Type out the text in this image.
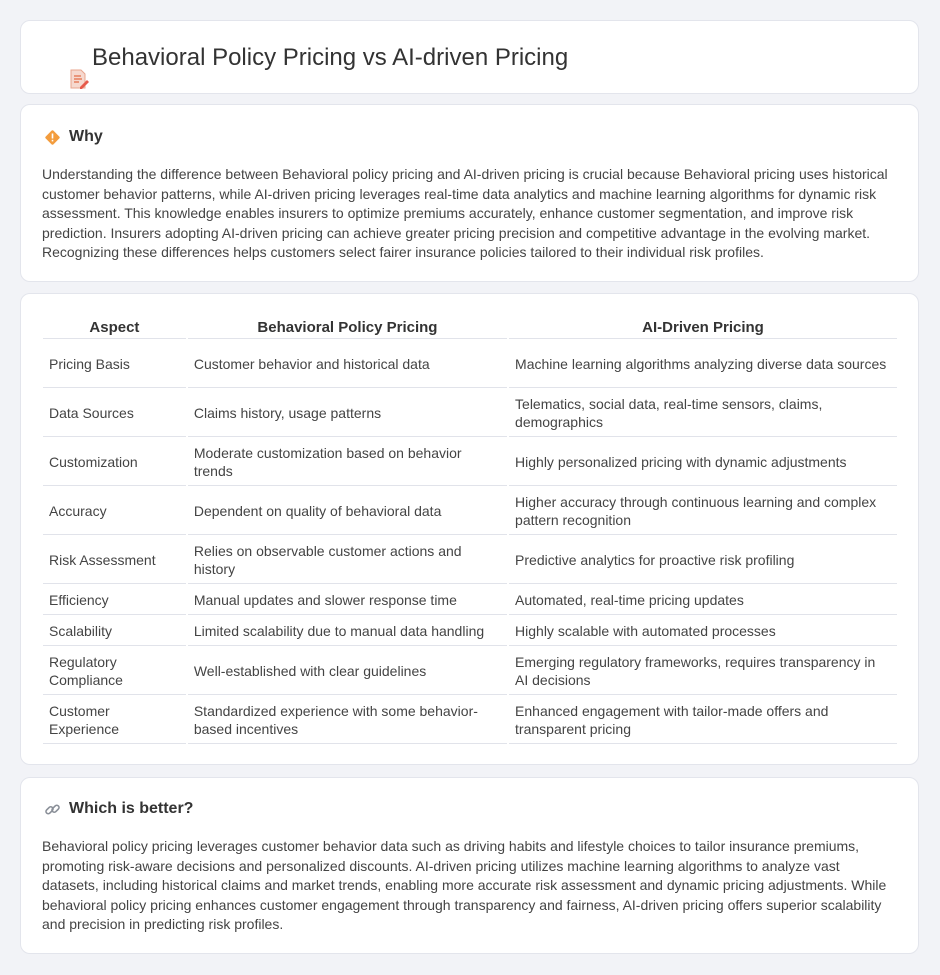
Behavioral Policy Pricing vs AI-driven Pricing
Why

Understanding the difference between Behavioral policy pricing and AI-driven pricing is crucial because Behavioral pricing uses historical customer behavior patterns, while AI-driven pricing leverages real-time data analytics and machine learning algorithms for dynamic risk assessment. This knowledge enables insurers to optimize premiums accurately, enhance customer segmentation, and improve risk prediction. Insurers adopting AI-driven pricing can achieve greater pricing precision and competitive advantage in the evolving market. Recognizing these differences helps customers select fairer insurance policies tailored to their individual risk profiles.

Aspect	Behavioral Policy Pricing	AI-Driven Pricing
Pricing Basis	Customer behavior and historical data	Machine learning algorithms analyzing diverse data sources
Data Sources	Claims history, usage patterns	Telematics, social data, real-time sensors, claims, demographics
Customization	Moderate customization based on behavior trends	Highly personalized pricing with dynamic adjustments
Accuracy	Dependent on quality of behavioral data	Higher accuracy through continuous learning and complex pattern recognition
Risk Assessment	Relies on observable customer actions and history	Predictive analytics for proactive risk profiling
Efficiency	Manual updates and slower response time	Automated, real-time pricing updates
Scalability	Limited scalability due to manual data handling	Highly scalable with automated processes
Regulatory Compliance	Well-established with clear guidelines	Emerging regulatory frameworks, requires transparency in AI decisions
Customer Experience	Standardized experience with some behavior-based incentives	Enhanced engagement with tailor-made offers and transparent pricing
Which is better?

Behavioral policy pricing leverages customer behavior data such as driving habits and lifestyle choices to tailor insurance premiums, promoting risk-aware decisions and personalized discounts. AI-driven pricing utilizes machine learning algorithms to analyze vast datasets, including historical claims and market trends, enabling more accurate risk assessment and dynamic pricing adjustments. While behavioral policy pricing enhances customer engagement through transparency and fairness, AI-driven pricing offers superior scalability and precision in predicting risk profiles.
